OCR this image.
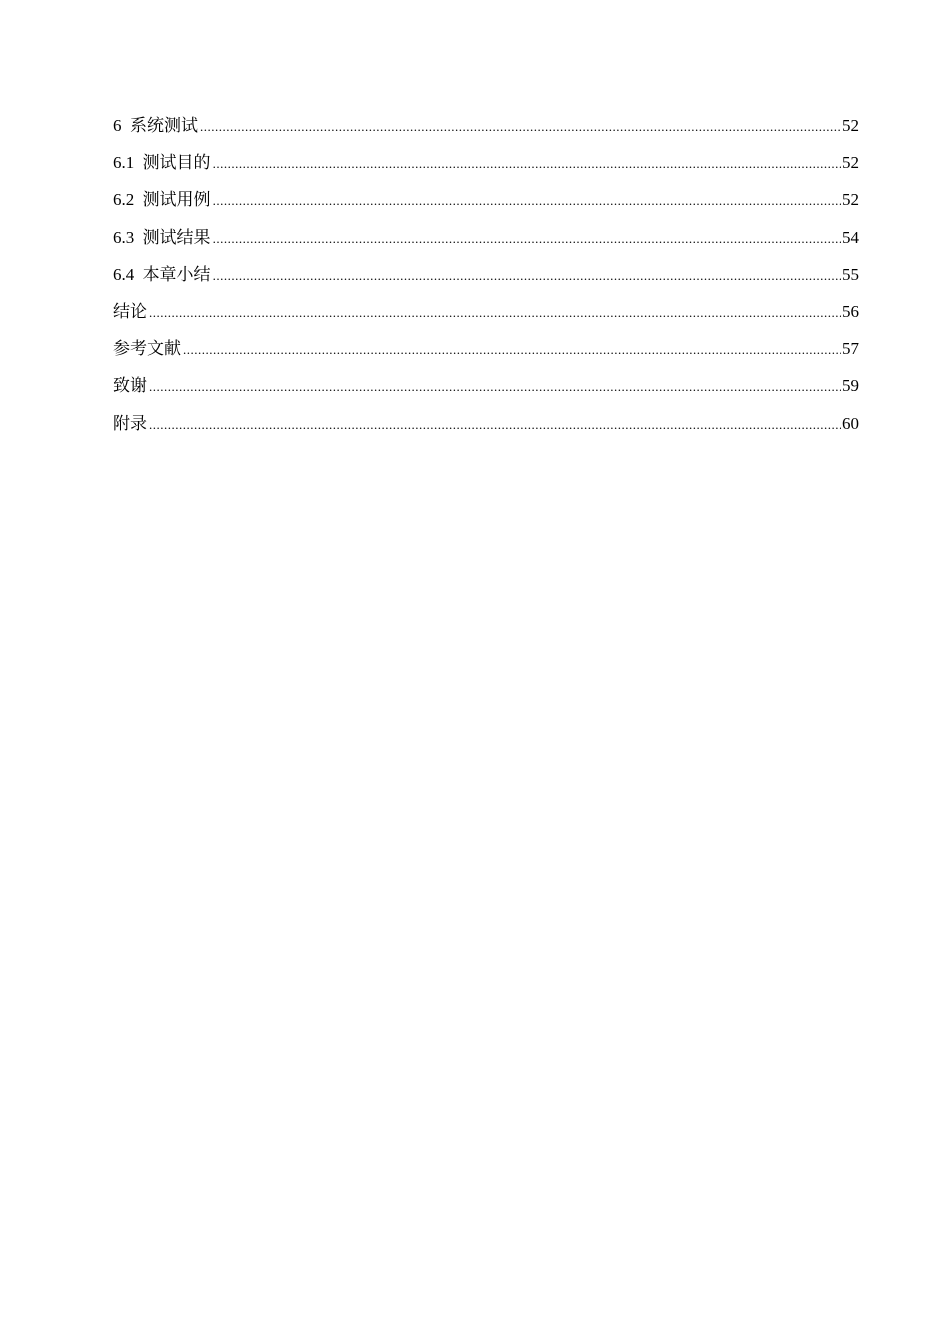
6 系统测试 .....	52
6.1 测试目的 .....	52
6.2 测试用例 .....	52
6.3 测试结果 .....	54
6.4 本章小结 .....	55
结论 .....	56
参考文献 .....	57
致谢 .....	59
附录 .....	60
